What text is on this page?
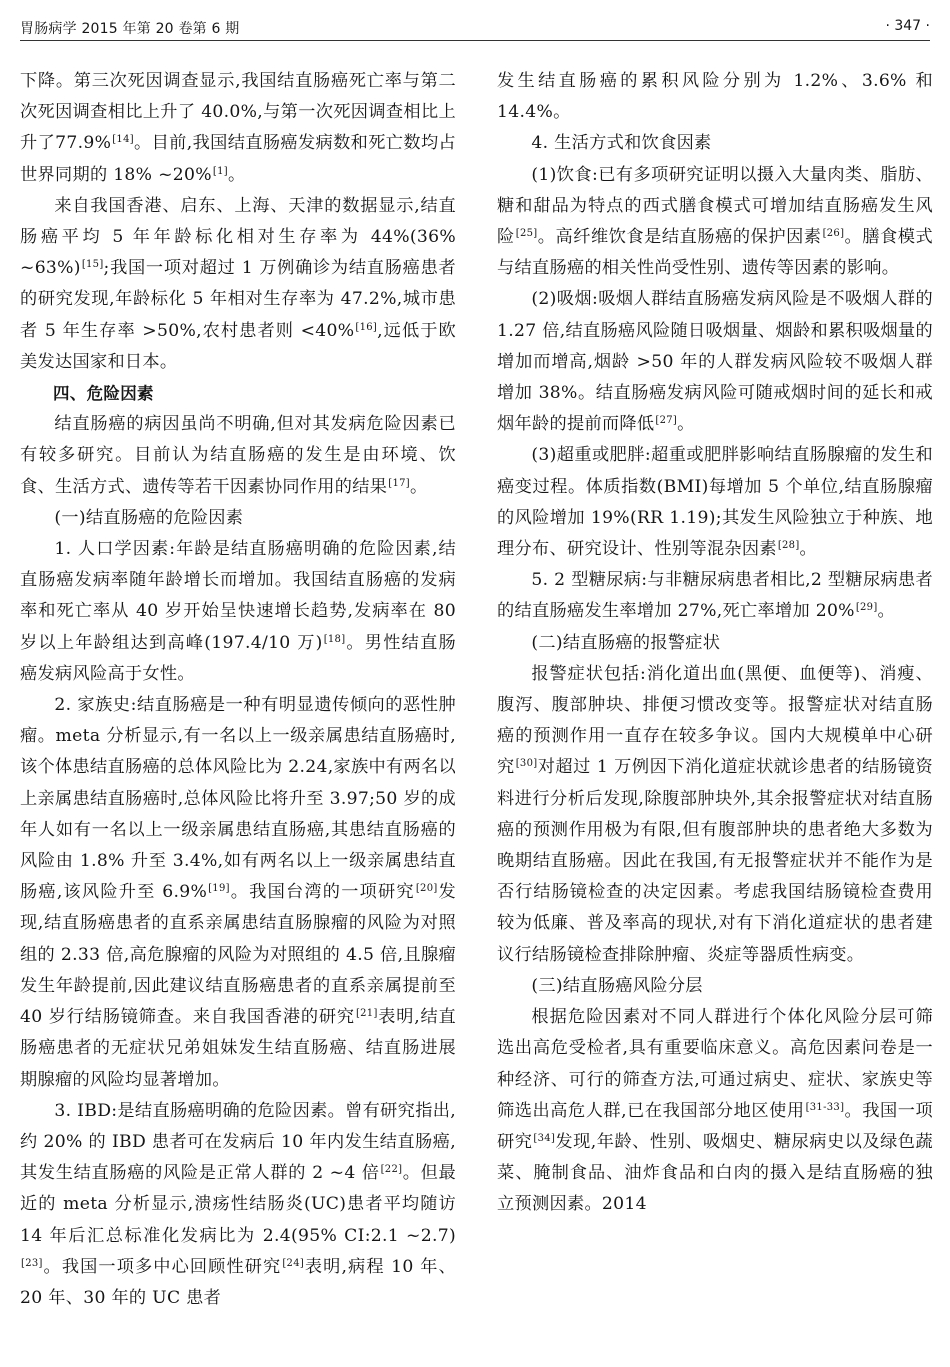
胃肠病学 2015 年第 20 卷第 6 期	· 347 ·

下降。第三次死因调查显示,我国结直肠癌死亡率与第二次死因调查相比上升了 40.0%,与第一次死因调查相比上升了77.9%[14]。目前,我国结直肠癌发病数和死亡数均占世界同期的 18% ~20%[1]。

来自我国香港、启东、上海、天津的数据显示,结直肠癌平均 5 年年龄标化相对生存率为 44%(36% ~63%)[15];我国一项对超过 1 万例确诊为结直肠癌患者的研究发现,年龄标化 5 年相对生存率为 47.2%,城市患者 5 年生存率 >50%,农村患者则 <40%[16],远低于欧美发达国家和日本。

四、危险因素

结直肠癌的病因虽尚不明确,但对其发病危险因素已有较多研究。目前认为结直肠癌的发生是由环境、饮食、生活方式、遗传等若干因素协同作用的结果[17]。

(一)结直肠癌的危险因素

1. 人口学因素:年龄是结直肠癌明确的危险因素,结直肠癌发病率随年龄增长而增加。我国结直肠癌的发病率和死亡率从 40 岁开始呈快速增长趋势,发病率在 80 岁以上年龄组达到高峰(197.4/10 万)[18]。男性结直肠癌发病风险高于女性。

2. 家族史:结直肠癌是一种有明显遗传倾向的恶性肿瘤。meta 分析显示,有一名以上一级亲属患结直肠癌时,该个体患结直肠癌的总体风险比为 2.24,家族中有两名以上亲属患结直肠癌时,总体风险比将升至 3.97;50 岁的成年人如有一名以上一级亲属患结直肠癌,其患结直肠癌的风险由 1.8% 升至 3.4%,如有两名以上一级亲属患结直肠癌,该风险升至 6.9%[19]。我国台湾的一项研究[20]发现,结直肠癌患者的直系亲属患结直肠腺瘤的风险为对照组的 2.33 倍,高危腺瘤的风险为对照组的 4.5 倍,且腺瘤发生年龄提前,因此建议结直肠癌患者的直系亲属提前至 40 岁行结肠镜筛查。来自我国香港的研究[21]表明,结直肠癌患者的无症状兄弟姐妹发生结直肠癌、结直肠进展期腺瘤的风险均显著增加。

3. IBD:是结直肠癌明确的危险因素。曾有研究指出,约 20% 的 IBD 患者可在发病后 10 年内发生结直肠癌,其发生结直肠癌的风险是正常人群的 2 ~4 倍[22]。但最近的 meta 分析显示,溃疡性结肠炎(UC)患者平均随访 14 年后汇总标准化发病比为 2.4(95% CI:2.1 ~2.7)[23]。我国一项多中心回顾性研究[24]表明,病程 10 年、20 年、30 年的 UC 患者

发生结直肠癌的累积风险分别为 1.2%、3.6% 和 14.4%。

4. 生活方式和饮食因素

(1)饮食:已有多项研究证明以摄入大量肉类、脂肪、糖和甜品为特点的西式膳食模式可增加结直肠癌发生风险[25]。高纤维饮食是结直肠癌的保护因素[26]。膳食模式与结直肠癌的相关性尚受性别、遗传等因素的影响。

(2)吸烟:吸烟人群结直肠癌发病风险是不吸烟人群的 1.27 倍,结直肠癌风险随日吸烟量、烟龄和累积吸烟量的增加而增高,烟龄 >50 年的人群发病风险较不吸烟人群增加 38%。结直肠癌发病风险可随戒烟时间的延长和戒烟年龄的提前而降低[27]。

(3)超重或肥胖:超重或肥胖影响结直肠腺瘤的发生和癌变过程。体质指数(BMI)每增加 5 个单位,结直肠腺瘤的风险增加 19%(RR 1.19);其发生风险独立于种族、地理分布、研究设计、性别等混杂因素[28]。

5. 2 型糖尿病:与非糖尿病患者相比,2 型糖尿病患者的结直肠癌发生率增加 27%,死亡率增加 20%[29]。

(二)结直肠癌的报警症状

报警症状包括:消化道出血(黑便、血便等)、消瘦、腹泻、腹部肿块、排便习惯改变等。报警症状对结直肠癌的预测作用一直存在较多争议。国内大规模单中心研究[30]对超过 1 万例因下消化道症状就诊患者的结肠镜资料进行分析后发现,除腹部肿块外,其余报警症状对结直肠癌的预测作用极为有限,但有腹部肿块的患者绝大多数为晚期结直肠癌。因此在我国,有无报警症状并不能作为是否行结肠镜检查的决定因素。考虑我国结肠镜检查费用较为低廉、普及率高的现状,对有下消化道症状的患者建议行结肠镜检查排除肿瘤、炎症等器质性病变。

(三)结直肠癌风险分层

根据危险因素对不同人群进行个体化风险分层可筛选出高危受检者,具有重要临床意义。高危因素问卷是一种经济、可行的筛查方法,可通过病史、症状、家族史等筛选出高危人群,已在我国部分地区使用[31-33]。我国一项研究[34]发现,年龄、性别、吸烟史、糖尿病史以及绿色蔬菜、腌制食品、油炸食品和白肉的摄入是结直肠癌的独立预测因素。2014
